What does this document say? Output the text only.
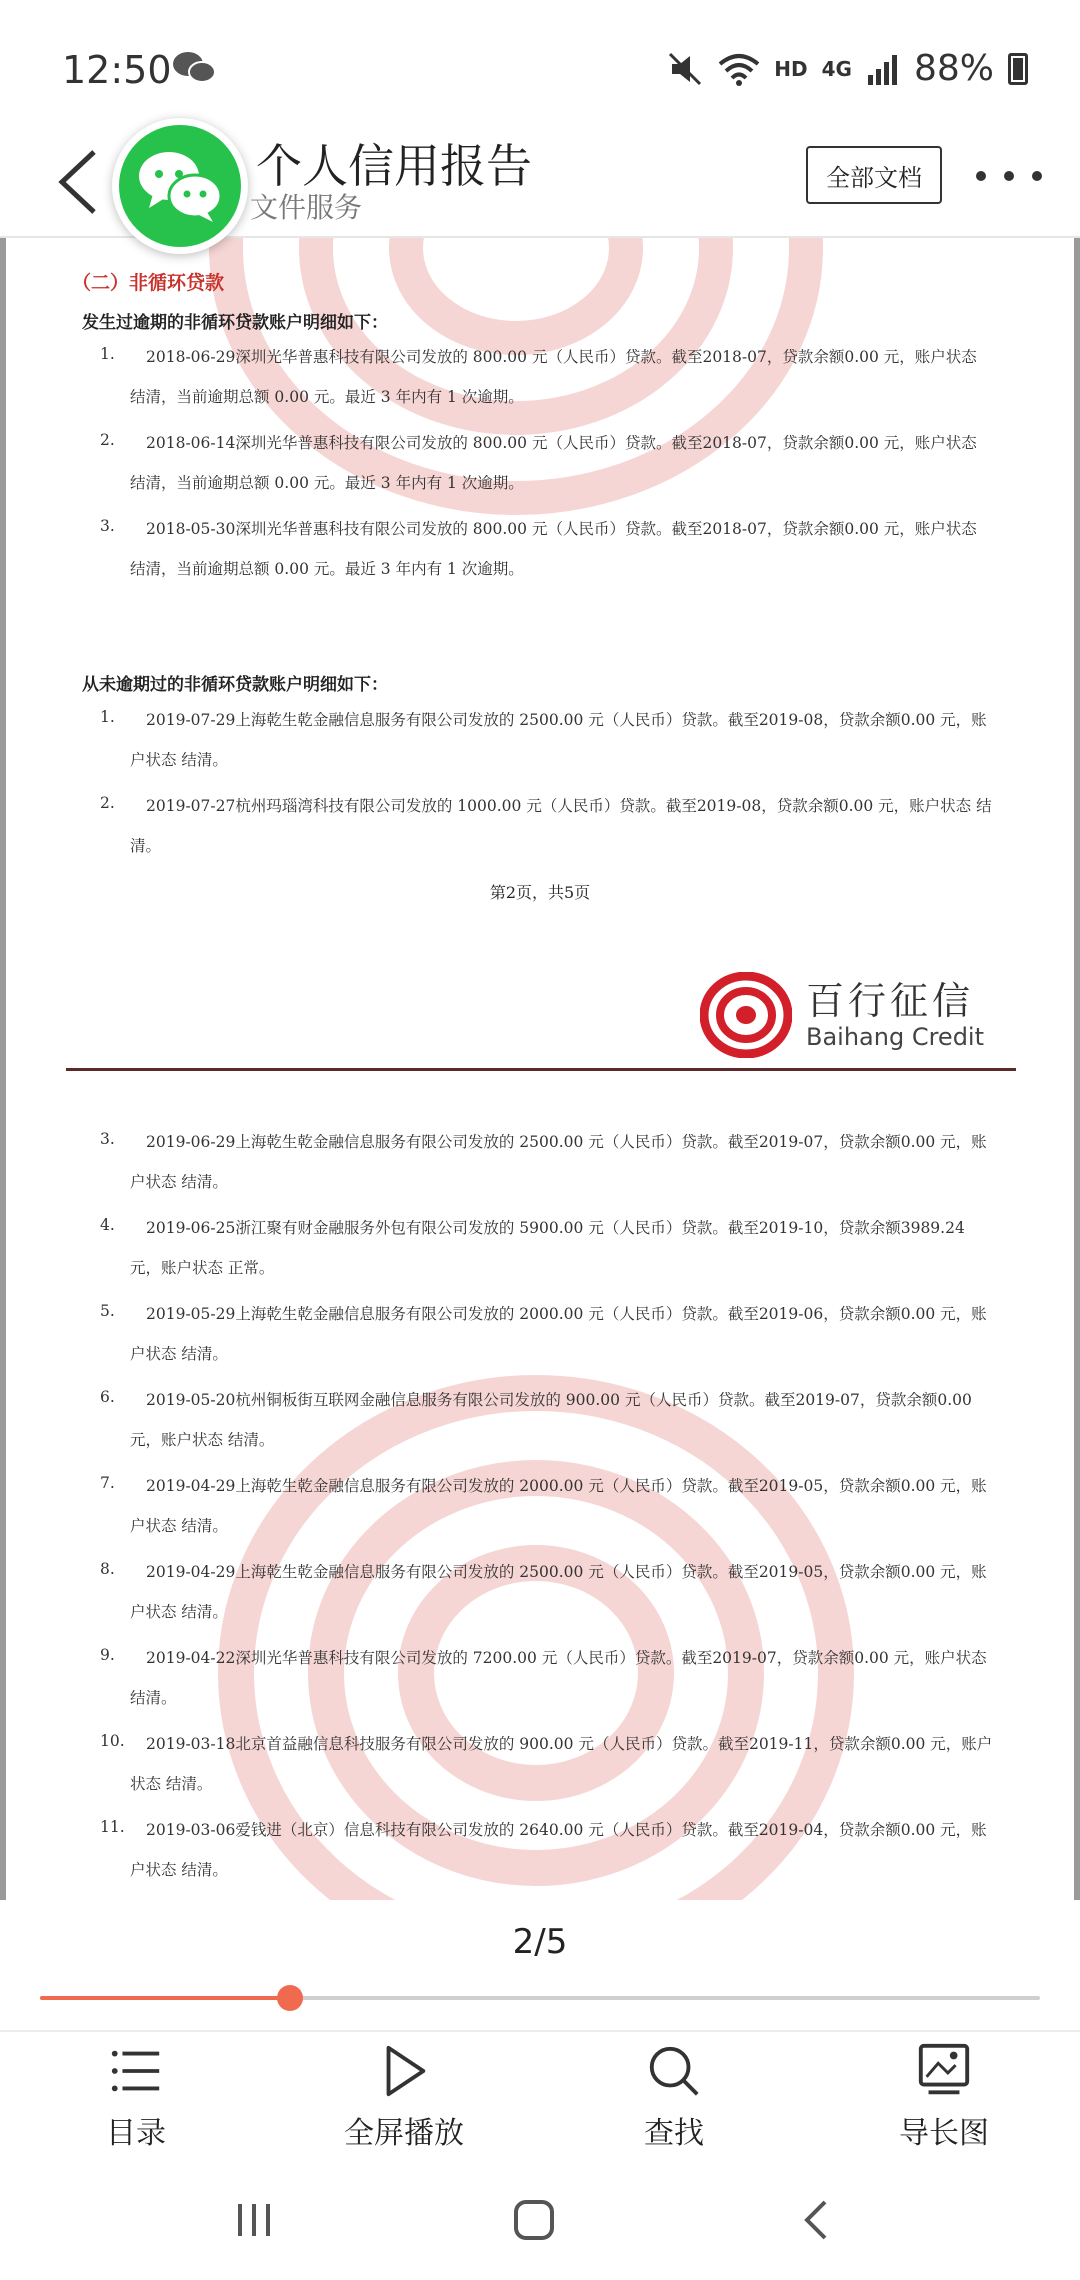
12:50	HD 4G 88%
个人信用报告
文件服务
全部文档
（二）非循环贷款
发生过逾期的非循环贷款账户明细如下：
1. 2018-06-29深圳光华普惠科技有限公司发放的 800.00 元（人民币）贷款。截至2018-07，贷款余额0.00 元，账户状态
结清，当前逾期总额 0.00 元。最近 3 年内有 1 次逾期。
2. 2018-06-14深圳光华普惠科技有限公司发放的 800.00 元（人民币）贷款。截至2018-07，贷款余额0.00 元，账户状态
结清，当前逾期总额 0.00 元。最近 3 年内有 1 次逾期。
3. 2018-05-30深圳光华普惠科技有限公司发放的 800.00 元（人民币）贷款。截至2018-07，贷款余额0.00 元，账户状态
结清，当前逾期总额 0.00 元。最近 3 年内有 1 次逾期。
从未逾期过的非循环贷款账户明细如下：
1. 2019-07-29上海乾生乾金融信息服务有限公司发放的 2500.00 元（人民币）贷款。截至2019-08，贷款余额0.00 元，账
户状态 结清。
2. 2019-07-27杭州玛瑙湾科技有限公司发放的 1000.00 元（人民币）贷款。截至2019-08，贷款余额0.00 元，账户状态 结
清。
第2页，共5页
百行征信
Baihang Credit
3. 2019-06-29上海乾生乾金融信息服务有限公司发放的 2500.00 元（人民币）贷款。截至2019-07，贷款余额0.00 元，账
户状态 结清。
4. 2019-06-25浙江聚有财金融服务外包有限公司发放的 5900.00 元（人民币）贷款。截至2019-10，贷款余额3989.24
元，账户状态 正常。
5. 2019-05-29上海乾生乾金融信息服务有限公司发放的 2000.00 元（人民币）贷款。截至2019-06，贷款余额0.00 元，账
户状态 结清。
6. 2019-05-20杭州铜板街互联网金融信息服务有限公司发放的 900.00 元（人民币）贷款。截至2019-07，贷款余额0.00
元，账户状态 结清。
7. 2019-04-29上海乾生乾金融信息服务有限公司发放的 2000.00 元（人民币）贷款。截至2019-05，贷款余额0.00 元，账
户状态 结清。
8. 2019-04-29上海乾生乾金融信息服务有限公司发放的 2500.00 元（人民币）贷款。截至2019-05，贷款余额0.00 元，账
户状态 结清。
9. 2019-04-22深圳光华普惠科技有限公司发放的 7200.00 元（人民币）贷款。截至2019-07，贷款余额0.00 元，账户状态
结清。
10. 2019-03-18北京首益融信息科技服务有限公司发放的 900.00 元（人民币）贷款。截至2019-11，贷款余额0.00 元，账户
状态 结清。
11. 2019-03-06爱钱进（北京）信息科技有限公司发放的 2640.00 元（人民币）贷款。截至2019-04，贷款余额0.00 元，账
户状态 结清。
2/5
目录	全屏播放	查找	导长图
